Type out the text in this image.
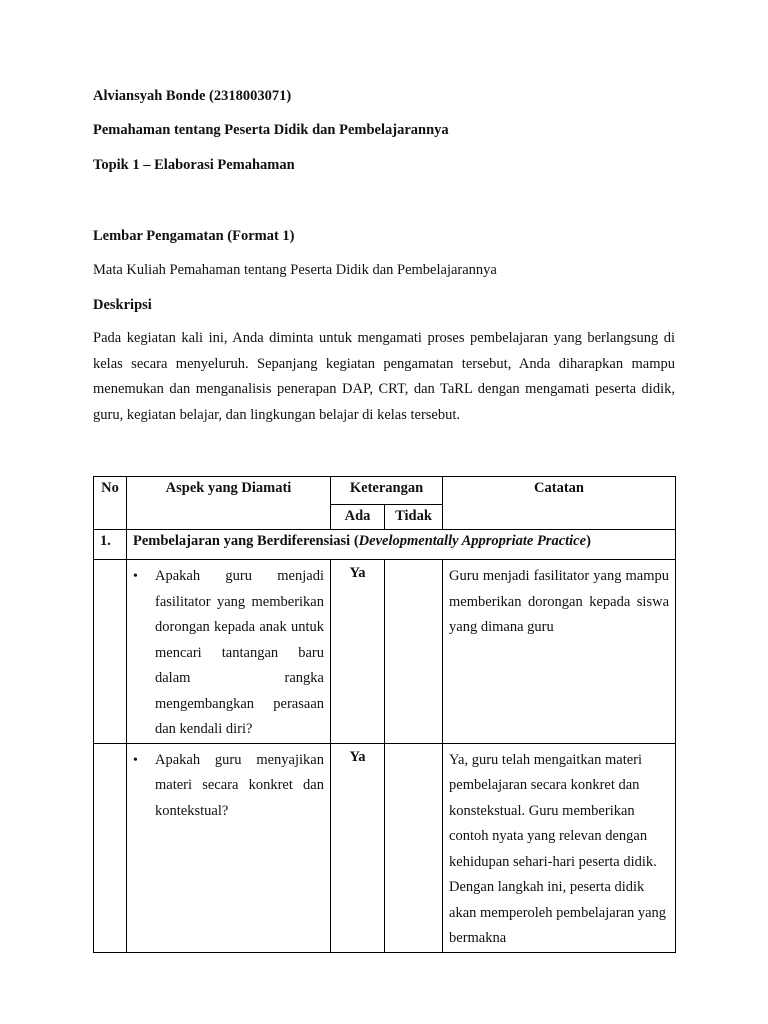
Alviansyah Bonde (2318003071)
Pemahaman tentang Peserta Didik dan Pembelajarannya
Topik 1 – Elaborasi Pemahaman
Lembar Pengamatan (Format 1)
Mata Kuliah Pemahaman tentang Peserta Didik dan Pembelajarannya
Deskripsi
Pada kegiatan kali ini, Anda diminta untuk mengamati proses pembelajaran yang berlangsung di kelas secara menyeluruh. Sepanjang kegiatan pengamatan tersebut, Anda diharapkan mampu menemukan dan menganalisis penerapan DAP, CRT, dan TaRL dengan mengamati peserta didik, guru, kegiatan belajar, dan lingkungan belajar di kelas tersebut.
No	Aspek yang Diamati	Keterangan		Catatan
		Ada	Tidak	
1.	Pembelajaran yang Berdiferensiasi (Developmentally Appropriate Practice)			

	• Apakah guru menjadi fasilitator yang memberikan dorongan kepada anak untuk mencari tantangan baru dalam rangka mengembangkan perasaan dan kendali diri?	Ya		Guru menjadi fasilitator yang mampu memberikan dorongan kepada siswa yang dimana guru

	• Apakah guru menyajikan materi secara konkret dan kontekstual?	Ya		Ya, guru telah mengaitkan materi pembelajaran secara konkret dan konstekstual. Guru memberikan contoh nyata yang relevan dengan kehidupan sehari-hari peserta didik. Dengan langkah ini, peserta didik akan memperoleh pembelajaran yang bermakna
